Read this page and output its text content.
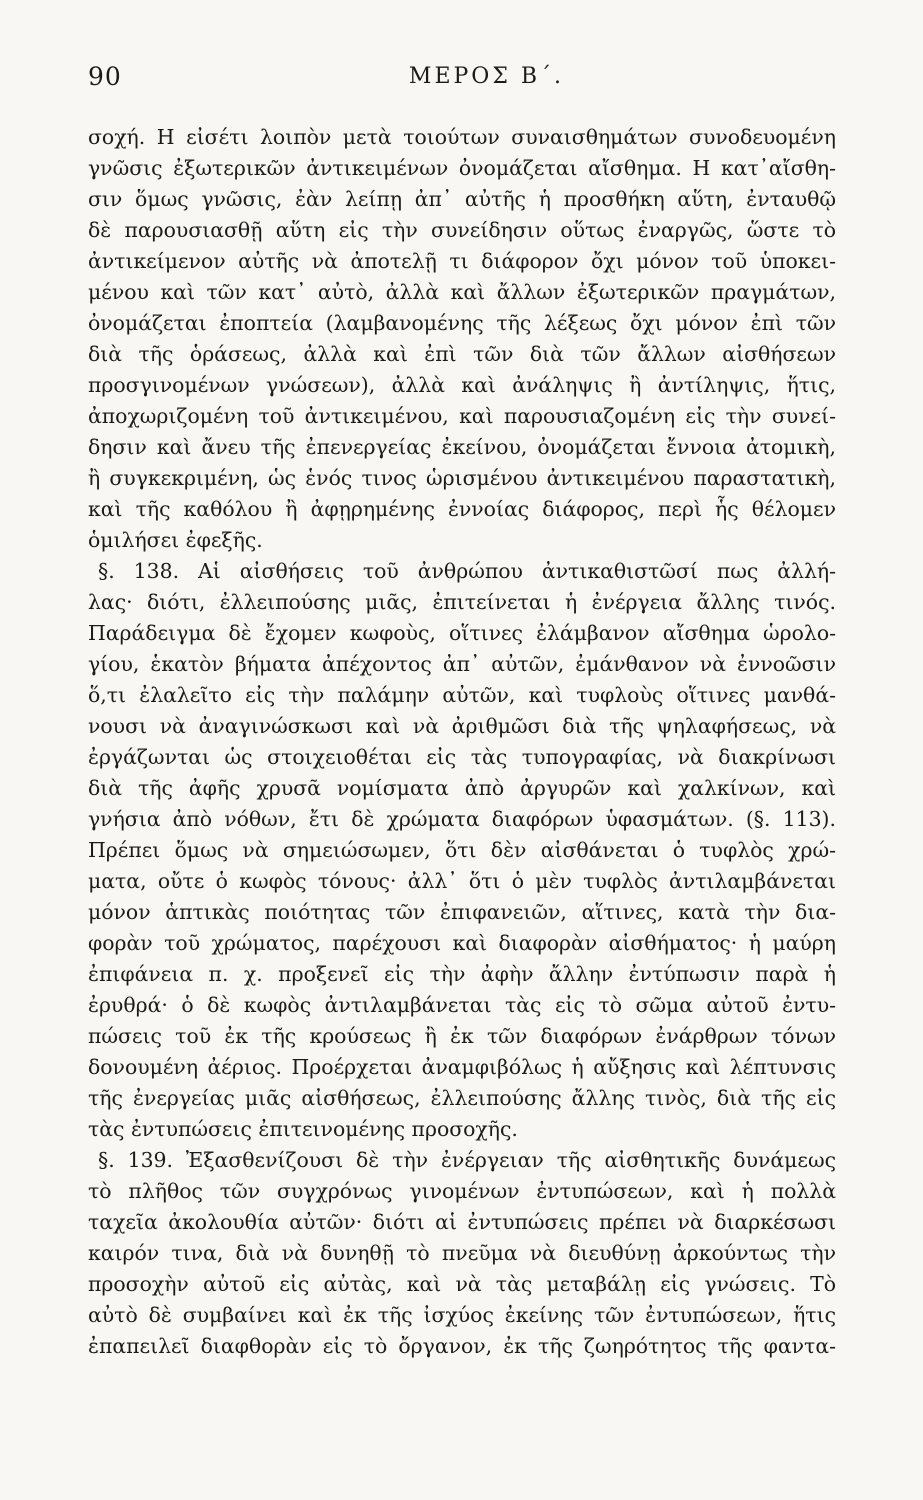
90	ΜΕΡΟΣ Β΄.
σοχή. Η εἰσέτι λοιπὸν μετὰ τοιούτων συναισθημάτων συνοδευομένη
γνῶσις ἐξωτερικῶν ἀντικειμένων ὀνομάζεται αἴσθημα. Η κατ᾽αἴσθη-
σιν ὅμως γνῶσις, ἐὰν λείπῃ ἀπ᾽ αὐτῆς ἡ προσθήκη αὕτη, ἐνταυθῷ
δὲ παρουσιασθῇ αὕτη εἰς τὴν συνείδησιν οὕτως ἐναργῶς, ὥστε τὸ
ἀντικείμενον αὐτῆς νὰ ἀποτελῇ τι διάφορον ὄχι μόνον τοῦ ὑποκει-
μένου καὶ τῶν κατ᾽ αὐτὸ, ἀλλὰ καὶ ἄλλων ἐξωτερικῶν πραγμάτων,
ὀνομάζεται ἐποπτεία (λαμβανομένης τῆς λέξεως ὄχι μόνον ἐπὶ τῶν
διὰ τῆς ὁράσεως, ἀλλὰ καὶ ἐπὶ τῶν διὰ τῶν ἄλλων αἰσθήσεων
προσγινομένων γνώσεων), ἀλλὰ καὶ ἀνάληψις ἢ ἀντίληψις, ἥτις,
ἀποχωριζομένη τοῦ ἀντικειμένου, καὶ παρουσιαζομένη εἰς τὴν συνεί-
δησιν καὶ ἄνευ τῆς ἐπενεργείας ἐκείνου, ὀνομάζεται ἔννοια ἀτομικὴ,
ἢ συγκεκριμένη, ὡς ἑνός τινος ὡρισμένου ἀντικειμένου παραστατικὴ,
καὶ τῆς καθόλου ἢ ἀφῃρημένης ἐννοίας διάφορος, περὶ ἧς θέλομεν
ὁμιλήσει ἐφεξῆς.
§. 138. Αἱ αἰσθήσεις τοῦ ἀνθρώπου ἀντικαθιστῶσί πως ἀλλή-
λας· διότι, ἐλλειπούσης μιᾶς, ἐπιτείνεται ἡ ἐνέργεια ἄλλης τινός.
Παράδειγμα δὲ ἔχομεν κωφοὺς, οἵτινες ἐλάμβανον αἴσθημα ὡρολο-
γίου, ἑκατὸν βήματα ἀπέχοντος ἀπ᾽ αὐτῶν, ἐμάνθανον νὰ ἐννοῶσιν
ὅ,τι ἐλαλεῖτο εἰς τὴν παλάμην αὐτῶν, καὶ τυφλοὺς οἵτινες μανθά-
νουσι νὰ ἀναγινώσκωσι καὶ νὰ ἀριθμῶσι διὰ τῆς ψηλαφήσεως, νὰ
ἐργάζωνται ὡς στοιχειοθέται εἰς τὰς τυπογραφίας, νὰ διακρίνωσι
διὰ τῆς ἀφῆς χρυσᾶ νομίσματα ἀπὸ ἀργυρῶν καὶ χαλκίνων, καὶ
γνήσια ἀπὸ νόθων, ἔτι δὲ χρώματα διαφόρων ὑφασμάτων. (§. 113).
Πρέπει ὅμως νὰ σημειώσωμεν, ὅτι δὲν αἰσθάνεται ὁ τυφλὸς χρώ-
ματα, οὔτε ὁ κωφὸς τόνους· ἀλλ᾽ ὅτι ὁ μὲν τυφλὸς ἀντιλαμβάνεται
μόνον ἁπτικὰς ποιότητας τῶν ἐπιφανειῶν, αἵτινες, κατὰ τὴν δια-
φορὰν τοῦ χρώματος, παρέχουσι καὶ διαφορὰν αἰσθήματος· ἡ μαύρη
ἐπιφάνεια π. χ. προξενεῖ εἰς τὴν ἀφὴν ἄλλην ἐντύπωσιν παρὰ ἡ
ἐρυθρά· ὁ δὲ κωφὸς ἀντιλαμβάνεται τὰς εἰς τὸ σῶμα αὐτοῦ ἐντυ-
πώσεις τοῦ ἐκ τῆς κρούσεως ἢ ἐκ τῶν διαφόρων ἐνάρθρων τόνων
δονουμένη ἀέριος. Προέρχεται ἀναμφιβόλως ἡ αὔξησις καὶ λέπτυνσις
τῆς ἐνεργείας μιᾶς αἰσθήσεως, ἐλλειπούσης ἄλλης τινὸς, διὰ τῆς εἰς
τὰς ἐντυπώσεις ἐπιτεινομένης προσοχῆς.
§. 139. Ἐξασθενίζουσι δὲ τὴν ἐνέργειαν τῆς αἰσθητικῆς δυνάμεως
τὸ πλῆθος τῶν συγχρόνως γινομένων ἐντυπώσεων, καὶ ἡ πολλὰ
ταχεῖα ἀκολουθία αὐτῶν· διότι αἱ ἐντυπώσεις πρέπει νὰ διαρκέσωσι
καιρόν τινα, διὰ νὰ δυνηθῇ τὸ πνεῦμα νὰ διευθύνῃ ἀρκούντως τὴν
προσοχὴν αὐτοῦ εἰς αὐτὰς, καὶ νὰ τὰς μεταβάλῃ εἰς γνώσεις. Τὸ
αὐτὸ δὲ συμβαίνει καὶ ἐκ τῆς ἰσχύος ἐκείνης τῶν ἐντυπώσεων, ἥτις
ἐπαπειλεῖ διαφθορὰν εἰς τὸ ὄργανον, ἐκ τῆς ζωηρότητος τῆς φαντα-
